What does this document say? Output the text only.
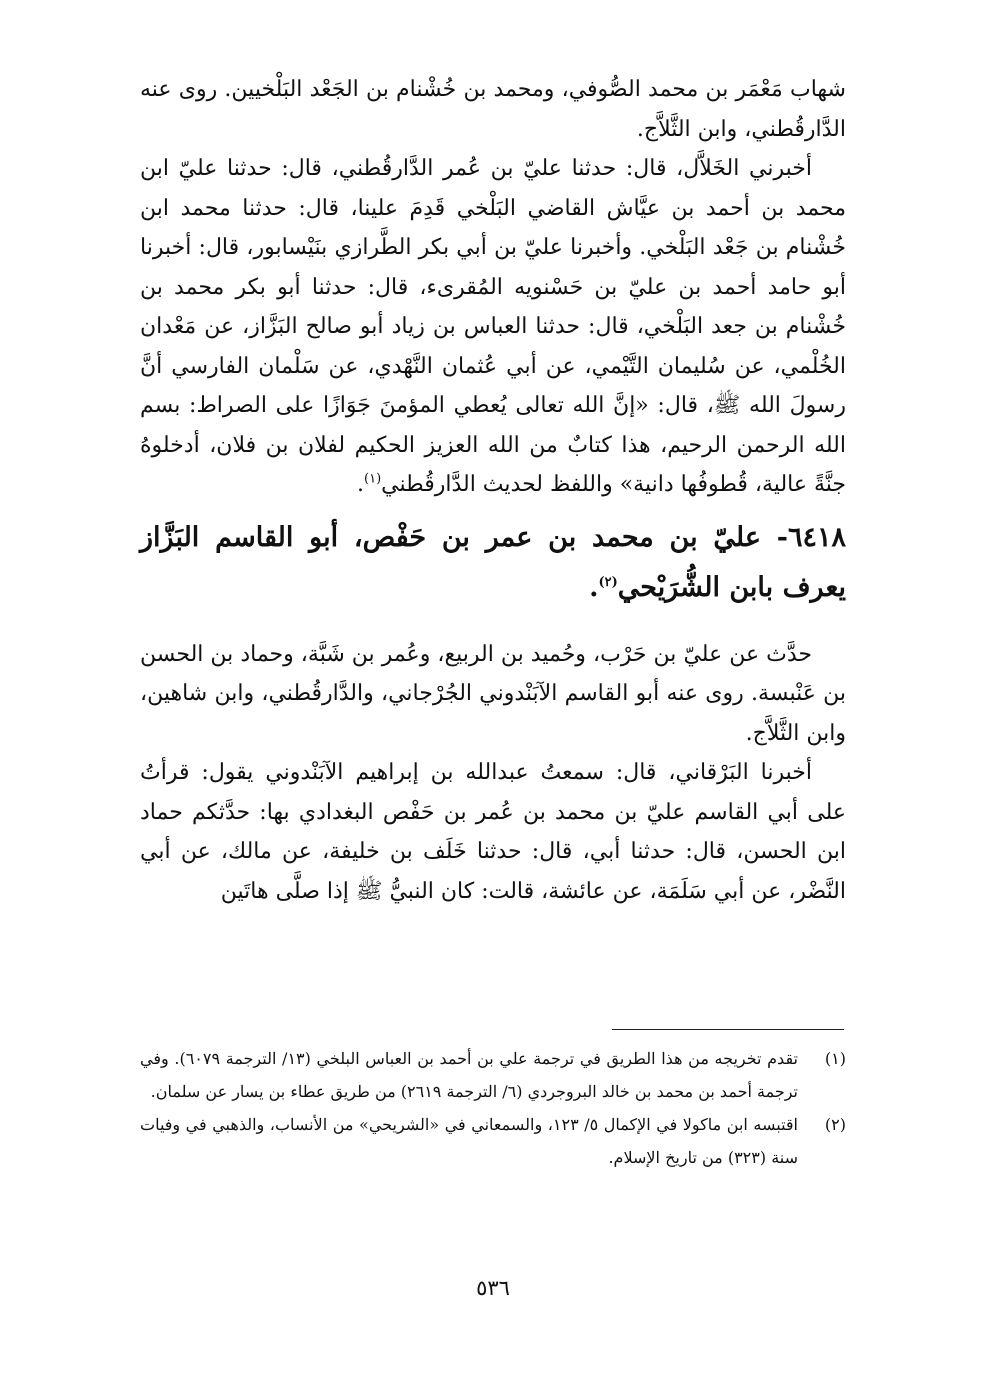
شهاب مَعْمَر بن محمد الصُّوفي، ومحمد بن خُشْنام بن الجَعْد البَلْخيين. روى عنه الدَّارقُطني، وابن الثَّلاَّج.

أخبرني الخَلاَّل، قال: حدثنا عليّ بن عُمر الدَّارقُطني، قال: حدثنا عليّ ابن محمد بن أحمد بن عيَّاش القاضي البَلْخي قَدِمَ علينا، قال: حدثنا محمد ابن خُشْنام بن جَعْد البَلْخي. وأخبرنا عليّ بن أبي بكر الطَّرازي بنَيْسابور، قال: أخبرنا أبو حامد أحمد بن عليّ بن حَسْنويه المُقرىء، قال: حدثنا أبو بكر محمد بن خُشْنام بن جعد البَلْخي، قال: حدثنا العباس بن زياد أبو صالح البَزَّاز، عن مَعْدان الخُلْمي، عن سُليمان التَّيْمي، عن أبي عُثمان النَّهْدي، عن سَلْمان الفارسي أنَّ رسولَ الله ﷺ، قال: «إنَّ الله تعالى يُعطي المؤمنَ جَوَازًا على الصراط: بسم الله الرحمن الرحيم، هذا كتابٌ من الله العزيز الحكيم لفلان بن فلان، أدخلوهُ جنَّةً عالية، قُطوفُها دانية» واللفظ لحديث الدَّارقُطني$^{(١)}$.

٦٤١٨- عليّ بن محمد بن عمر بن حَفْص، أبو القاسم البَزَّاز يعرف بابن الشُّرَيْحي$^{(٢)}$.

حدَّث عن عليّ بن حَرْب، وحُميد بن الربيع، وعُمر بن شَبَّة، وحماد بن الحسن بن عَنْبسة. روى عنه أبو القاسم الآبَنْدوني الجُرْجاني، والدَّارقُطني، وابن شاهين، وابن الثَّلاَّج.

أخبرنا البَرْقاني، قال: سمعتُ عبدالله بن إبراهيم الآبَنْدوني يقول: قرأتُ على أبي القاسم عليّ بن محمد بن عُمر بن حَفْص البغدادي بها: حدَّثكم حماد ابن الحسن، قال: حدثنا أبي، قال: حدثنا خَلَف بن خليفة، عن مالك، عن أبي النَّضْر، عن أبي سَلَمَة، عن عائشة، قالت: كان النبيُّ ﷺ إذا صلَّى هاتَين

(١)
تقدم تخريجه من هذا الطريق في ترجمة علي بن أحمد بن العباس البلخي (١٣/ الترجمة ٦٠٧٩). وفي ترجمة أحمد بن محمد بن خالد البروجردي (٦/ الترجمة ٢٦١٩) من طريق عطاء بن يسار عن سلمان.
(٢)
اقتبسه ابن ماكولا في الإكمال ٥/ ١٢٣، والسمعاني في «الشريحي» من الأنساب، والذهبي في وفيات سنة (٣٢٣) من تاريخ الإسلام.
٥٣٦
